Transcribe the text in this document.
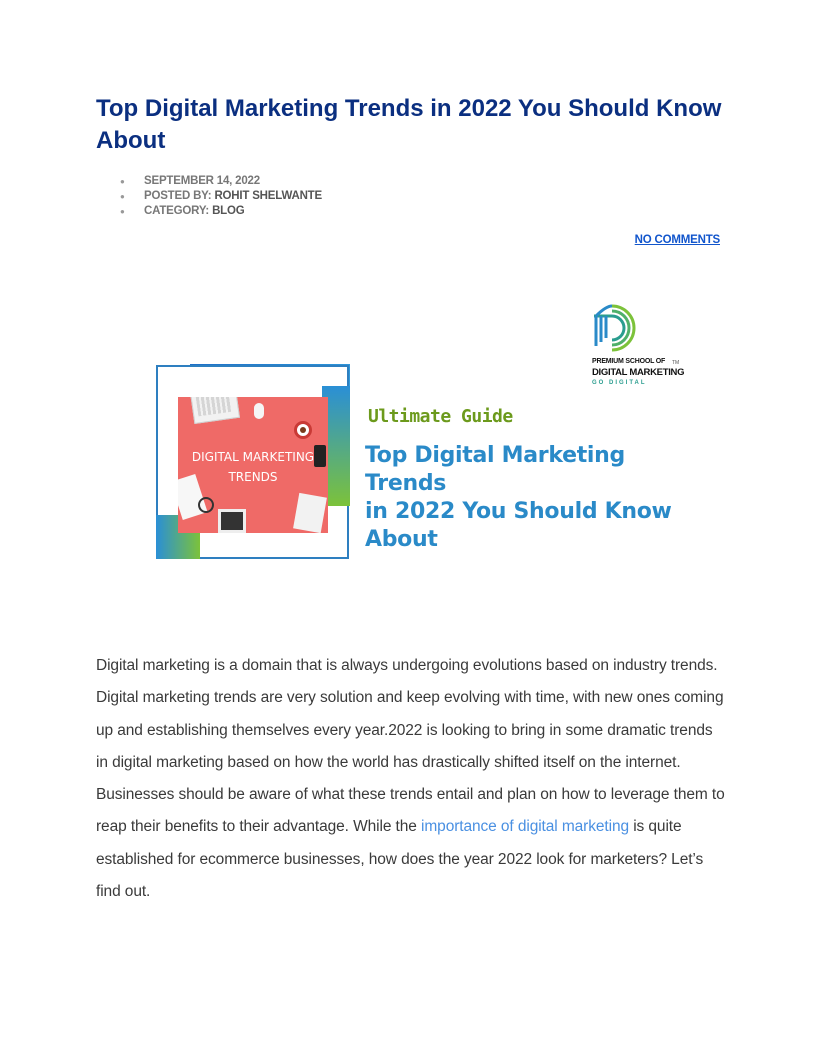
Top Digital Marketing Trends in 2022 You Should Know About
● SEPTEMBER 14, 2022
● POSTED BY: ROHIT SHELWANTE
● CATEGORY: BLOG
NO COMMENTS
DIGITAL MARKETING
TRENDS
Ultimate Guide
Top Digital Marketing Trends
in 2022 You Should Know
About
PREMIUM SCHOOL OF TM
DIGITAL MARKETING
GO DIGITAL

Digital marketing is a domain that is always undergoing evolutions based on industry trends. Digital marketing trends are very solution and keep evolving with time, with new ones coming up and establishing themselves every year.2022 is looking to bring in some dramatic trends in digital marketing based on how the world has drastically shifted itself on the internet. Businesses should be aware of what these trends entail and plan on how to leverage them to reap their benefits to their advantage. While the importance of digital marketing is quite established for ecommerce businesses, how does the year 2022 look for marketers? Let’s find out.
